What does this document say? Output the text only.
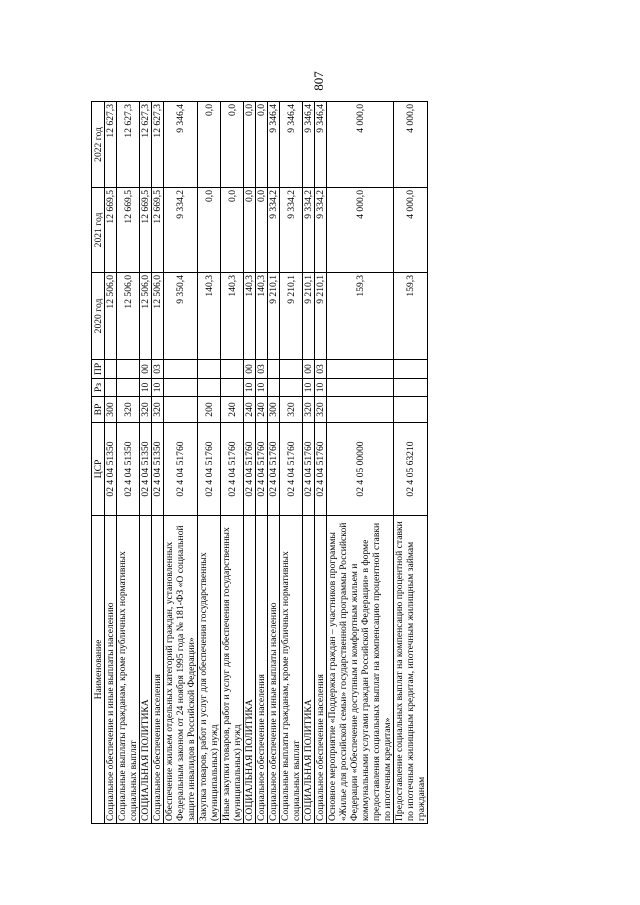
807
Наименование	ЦСР	ВР	Рз	ПР	2020 год	2021 год	2022 год
Социальное обеспечение и иные выплаты населению	02 4 04 51350	300			12 506,0	12 669,5	12 627,3
Социальные выплаты гражданам, кроме публичных нормативных социальных выплат	02 4 04 51350	320			12 506,0	12 669,5	12 627,3
СОЦИАЛЬНАЯ ПОЛИТИКА	02 4 04 51350	320	10	00	12 506,0	12 669,5	12 627,3
Социальное обеспечение населения	02 4 04 51350	320	10	03	12 506,0	12 669,5	12 627,3
Обеспечение жильем отдельных категорий граждан, установленных Федеральным законом от 24 ноября 1995 года № 181-ФЗ «О социальной защите инвалидов в Российской Федерации»	02 4 04 51760				9 350,4	9 334,2	9 346,4
Закупка товаров, работ и услуг для обеспечения государственных (муниципальных) нужд	02 4 04 51760	200			140,3	0,0	0,0
Иные закупки товаров, работ и услуг для обеспечения государственных (муниципальных) нужд	02 4 04 51760	240			140,3	0,0	0,0
СОЦИАЛЬНАЯ ПОЛИТИКА	02 4 04 51760	240	10	00	140,3	0,0	0,0
Социальное обеспечение населения	02 4 04 51760	240	10	03	140,3	0,0	0,0
Социальное обеспечение и иные выплаты населению	02 4 04 51760	300			9 210,1	9 334,2	9 346,4
Социальные выплаты гражданам, кроме публичных нормативных социальных выплат	02 4 04 51760	320			9 210,1	9 334,2	9 346,4
СОЦИАЛЬНАЯ ПОЛИТИКА	02 4 04 51760	320	10	00	9 210,1	9 334,2	9 346,4
Социальное обеспечение населения	02 4 04 51760	320	10	03	9 210,1	9 334,2	9 346,4
Основное мероприятие «Поддержка граждан – участников программы «Жилье для российской семьи» государственной программы Российской Федерации «Обеспечение доступным и комфортным жильем и коммунальными услугами граждан Российской Федерации» в форме предоставления социальных выплат на компенсацию процентной ставки по ипотечным кредитам»	02 4 05 00000				159,3	4 000,0	4 000,0
Предоставление социальных выплат на компенсацию процентной ставки по ипотечным жилищным кредитам, ипотечным жилищным займам гражданам	02 4 05 63210				159,3	4 000,0	4 000,0
